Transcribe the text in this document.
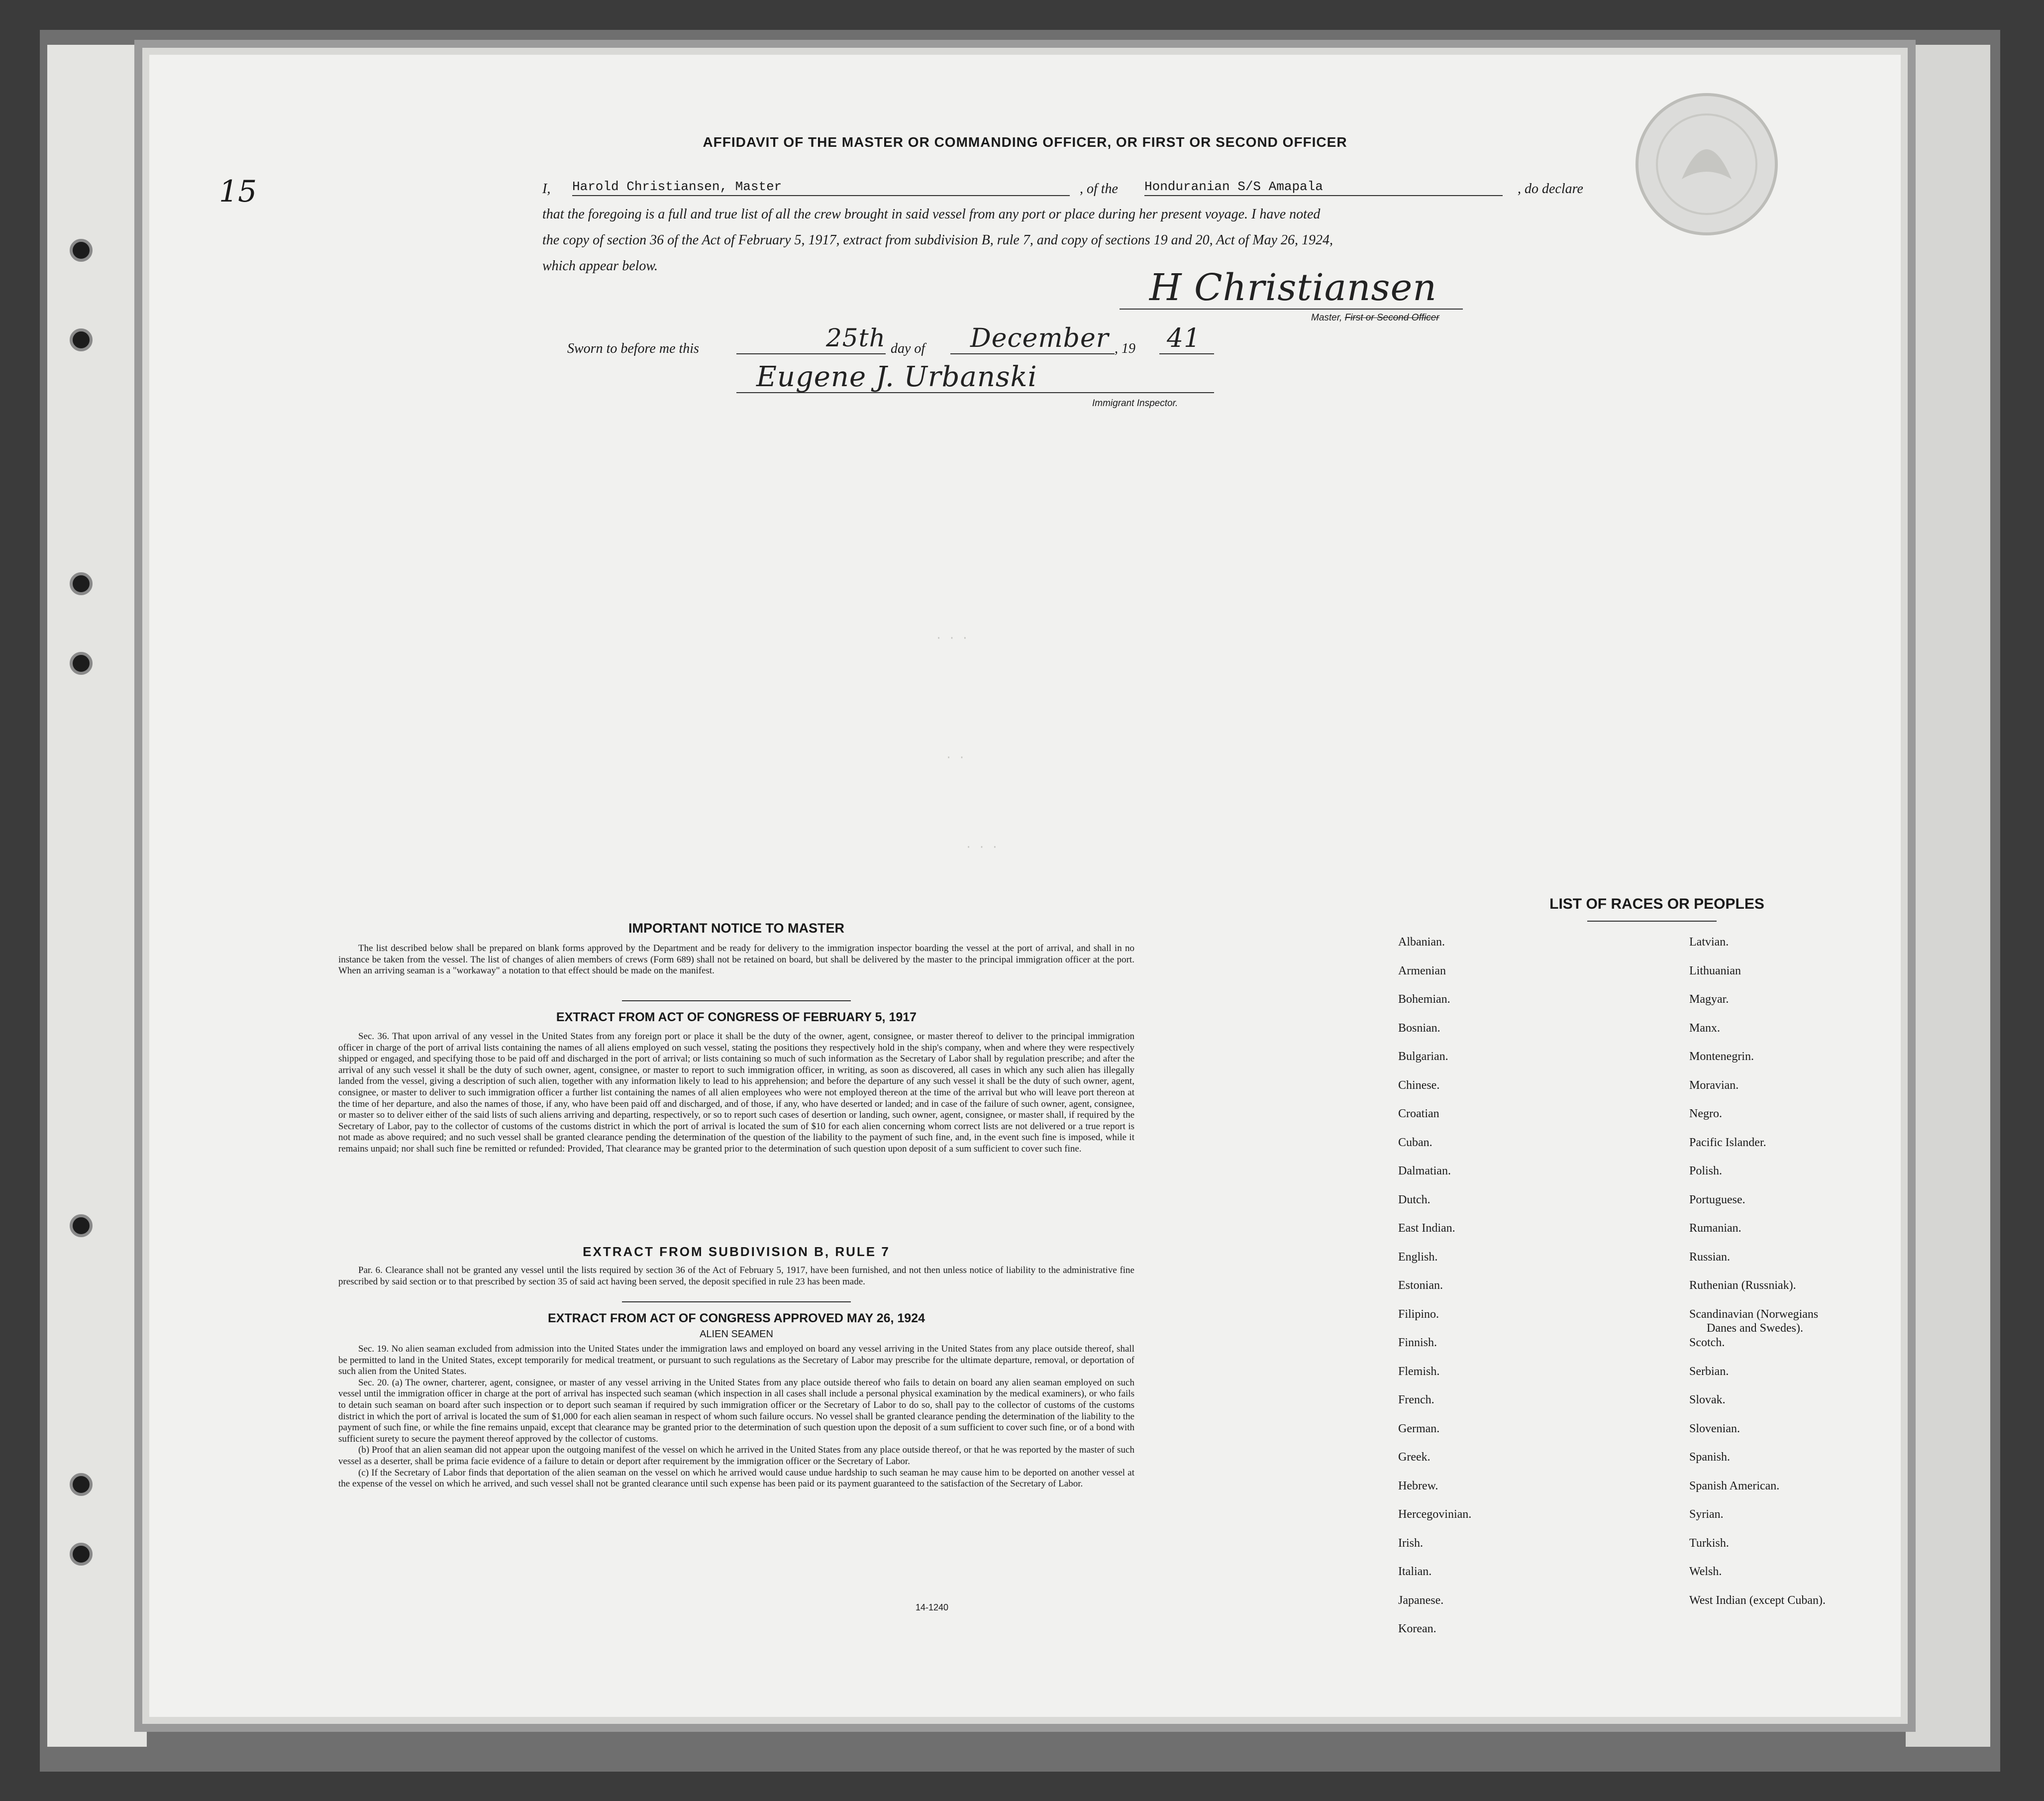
AFFIDAVIT OF THE MASTER OR COMMANDING OFFICER, OR FIRST OR SECOND OFFICER
15	I, Harold Christiansen, Master	, of the Honduranian S/S Amapala	, do declare
that the foregoing is a full and true list of all the crew brought in said vessel from any port or place during her present voyage. I have noted
the copy of section 36 of the Act of February 5, 1917, extract from subdivision B, rule 7, and copy of sections 19 and 20, Act of May 26, 1924,
which appear below.
H Christiansen
Master, First or Second Officer
Sworn to before me this	25th day of December , 19 41
Eugene J. Urbanski
Immigrant Inspector.
· · ·
· ·
· · ·
IMPORTANT NOTICE TO MASTER

The list described below shall be prepared on blank forms approved by the Department and be ready for delivery to the immigration inspector boarding the vessel at the port of arrival, and shall in no instance be taken from the vessel. The list of changes of alien members of crews (Form 689) shall not be retained on board, but shall be delivered by the master to the principal immigration officer at the port. When an arriving seaman is a "workaway" a notation to that effect should be made on the manifest.

EXTRACT FROM ACT OF CONGRESS OF FEBRUARY 5, 1917

Sec. 36. That upon arrival of any vessel in the United States from any foreign port or place it shall be the duty of the owner, agent, consignee, or master thereof to deliver to the principal immigration officer in charge of the port of arrival lists containing the names of all aliens employed on such vessel, stating the positions they respectively hold in the ship's company, when and where they were respectively shipped or engaged, and specifying those to be paid off and discharged in the port of arrival; or lists containing so much of such information as the Secretary of Labor shall by regulation prescribe; and after the arrival of any such vessel it shall be the duty of such owner, agent, consignee, or master to report to such immigration officer, in writing, as soon as discovered, all cases in which any such alien has illegally landed from the vessel, giving a description of such alien, together with any information likely to lead to his apprehension; and before the departure of any such vessel it shall be the duty of such owner, agent, consignee, or master to deliver to such immigration officer a further list containing the names of all alien employees who were not employed thereon at the time of the arrival but who will leave port thereon at the time of her departure, and also the names of those, if any, who have been paid off and discharged, and of those, if any, who have deserted or landed; and in case of the failure of such owner, agent, consignee, or master so to deliver either of the said lists of such aliens arriving and departing, respectively, or so to report such cases of desertion or landing, such owner, agent, consignee, or master shall, if required by the Secretary of Labor, pay to the collector of customs of the customs district in which the port of arrival is located the sum of $10 for each alien concerning whom correct lists are not delivered or a true report is not made as above required; and no such vessel shall be granted clearance pending the determination of the question of the liability to the payment of such fine, and, in the event such fine is imposed, while it remains unpaid; nor shall such fine be remitted or refunded: Provided, That clearance may be granted prior to the determination of such question upon deposit of a sum sufficient to cover such fine.

EXTRACT FROM SUBDIVISION B, RULE 7

Par. 6. Clearance shall not be granted any vessel until the lists required by section 36 of the Act of February 5, 1917, have been furnished, and not then unless notice of liability to the administrative fine prescribed by said section or to that prescribed by section 35 of said act having been served, the deposit specified in rule 23 has been made.

EXTRACT FROM ACT OF CONGRESS APPROVED MAY 26, 1924
ALIEN SEAMEN

Sec. 19. No alien seaman excluded from admission into the United States under the immigration laws and employed on board any vessel arriving in the United States from any place outside thereof, shall be permitted to land in the United States, except temporarily for medical treatment, or pursuant to such regulations as the Secretary of Labor may prescribe for the ultimate departure, removal, or deportation of such alien from the United States.

Sec. 20. (a) The owner, charterer, agent, consignee, or master of any vessel arriving in the United States from any place outside thereof who fails to detain on board any alien seaman employed on such vessel until the immigration officer in charge at the port of arrival has inspected such seaman (which inspection in all cases shall include a personal physical examination by the medical examiners), or who fails to detain such seaman on board after such inspection or to deport such seaman if required by such immigration officer or the Secretary of Labor to do so, shall pay to the collector of customs of the customs district in which the port of arrival is located the sum of $1,000 for each alien seaman in respect of whom such failure occurs. No vessel shall be granted clearance pending the determination of the liability to the payment of such fine, or while the fine remains unpaid, except that clearance may be granted prior to the determination of such question upon the deposit of a sum sufficient to cover such fine, or of a bond with sufficient surety to secure the payment thereof approved by the collector of customs.

(b) Proof that an alien seaman did not appear upon the outgoing manifest of the vessel on which he arrived in the United States from any place outside thereof, or that he was reported by the master of such vessel as a deserter, shall be prima facie evidence of a failure to detain or deport after requirement by the immigration officer or the Secretary of Labor.

(c) If the Secretary of Labor finds that deportation of the alien seaman on the vessel on which he arrived would cause undue hardship to such seaman he may cause him to be deported on another vessel at the expense of the vessel on which he arrived, and such vessel shall not be granted clearance until such expense has been paid or its payment guaranteed to the satisfaction of the Secretary of Labor.

14-1240
LIST OF RACES OR PEOPLES
Albanian.
Armenian
Bohemian.
Bosnian.
Bulgarian.
Chinese.
Croatian
Cuban.
Dalmatian.
Dutch.
East Indian.
English.
Estonian.
Filipino.
Finnish.
Flemish.
French.
German.
Greek.
Hebrew.
Hercegovinian.
Irish.
Italian.
Japanese.
Korean.
Latvian.
Lithuanian
Magyar.
Manx.
Montenegrin.
Moravian.
Negro.
Pacific Islander.
Polish.
Portuguese.
Rumanian.
Russian.
Ruthenian (Russniak).
Scandinavian (Norwegians
Danes and Swedes).
Scotch.
Serbian.
Slovak.
Slovenian.
Spanish.
Spanish American.
Syrian.
Turkish.
Welsh.
West Indian (except Cuban).
